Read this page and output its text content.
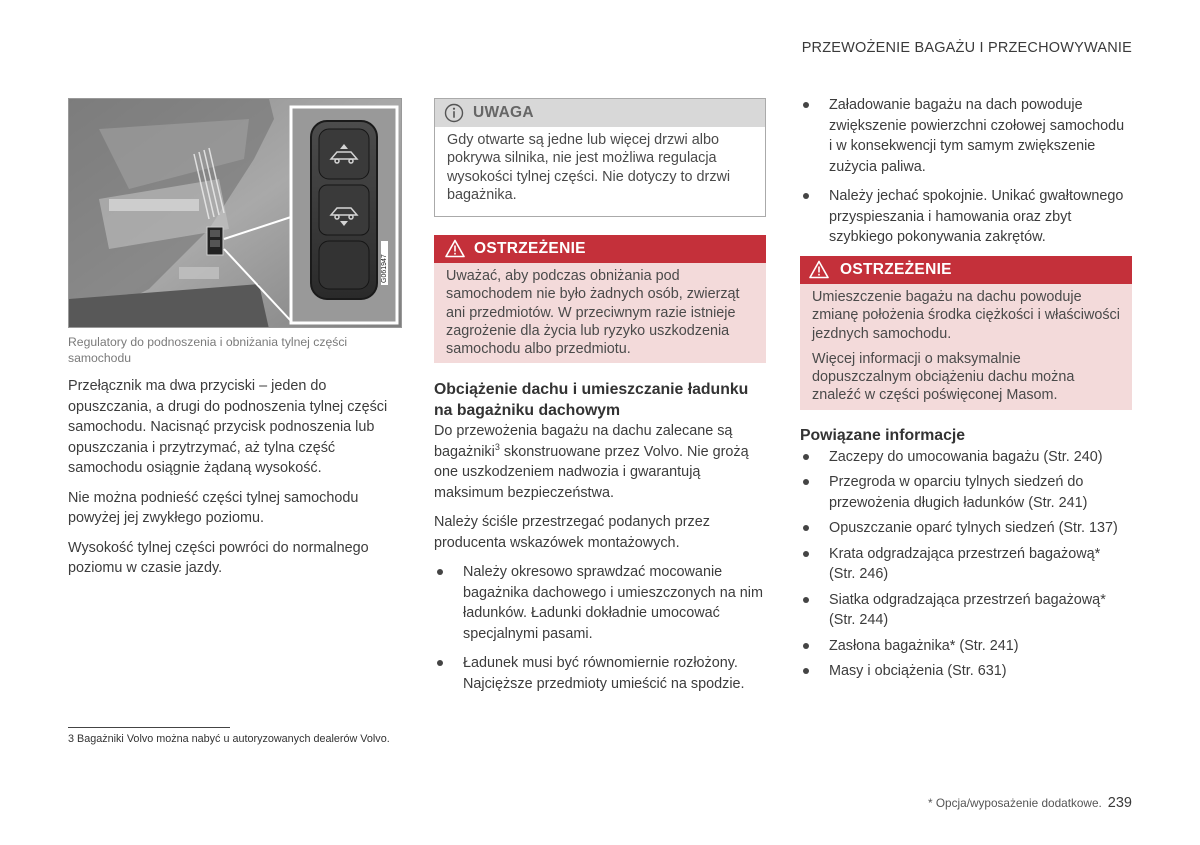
PRZEWOŻENIE BAGAŻU I PRZECHOWYWANIE
G061947
Regulatory do podnoszenia i obniżania tylnej części samochodu

Przełącznik ma dwa przyciski – jeden do opuszczania, a drugi do podnoszenia tylnej części samochodu. Nacisnąć przycisk podnoszenia lub opuszczania i przytrzymać, aż tylna część samochodu osiągnie żądaną wysokość.

Nie można podnieść części tylnej samochodu powyżej jej zwykłego poziomu.

Wysokość tylnej części powróci do normalnego poziomu w czasie jazdy.

UWAGA

Gdy otwarte są jedne lub więcej drzwi albo pokrywa silnika, nie jest możliwa regulacja wysokości tylnej części. Nie dotyczy to drzwi bagażnika.

OSTRZEŻENIE

Uważać, aby podczas obniżania pod samochodem nie było żadnych osób, zwierząt ani przedmiotów. W przeciwnym razie istnieje zagrożenie dla życia lub ryzyko uszkodzenia samochodu albo przedmiotu.

Obciążenie dachu i umieszczanie ładunku na bagażniku dachowym

Do przewożenia bagażu na dachu zalecane są bagażniki$^3$ skonstruowane przez Volvo. Nie grożą one uszkodzeniem nadwozia i gwarantują maksimum bezpieczeństwa.

Należy ściśle przestrzegać podanych przez producenta wskazówek montażowych.

Należy okresowo sprawdzać mocowanie bagażnika dachowego i umieszczonych na nim ładunków. Ładunki dokładnie umocować specjalnymi pasami.
Ładunek musi być równomiernie rozłożony. Najcięższe przedmioty umieścić na spodzie.
Załadowanie bagażu na dach powoduje zwiększenie powierzchni czołowej samochodu i w konsekwencji tym samym zwiększenie zużycia paliwa.
Należy jechać spokojnie. Unikać gwałtownego przyspieszania i hamowania oraz zbyt szybkiego pokonywania zakrętów.
OSTRZEŻENIE

Umieszczenie bagażu na dachu powoduje zmianę położenia środka ciężkości i właściwości jezdnych samochodu.

Więcej informacji o maksymalnie dopuszczalnym obciążeniu dachu można znaleźć w części poświęconej Masom.

Powiązane informacje
Zaczepy do umocowania bagażu (Str. 240)
Przegroda w oparciu tylnych siedzeń do przewożenia długich ładunków (Str. 241)
Opuszczanie oparć tylnych siedzeń (Str. 137)
Krata odgradzająca przestrzeń bagażową* (Str. 246)
Siatka odgradzająca przestrzeń bagażową* (Str. 244)
Zasłona bagażnika* (Str. 241)
Masy i obciążenia (Str. 631)
3 Bagażniki Volvo można nabyć u autoryzowanych dealerów Volvo.
* Opcja/wyposażenie dodatkowe. 239
